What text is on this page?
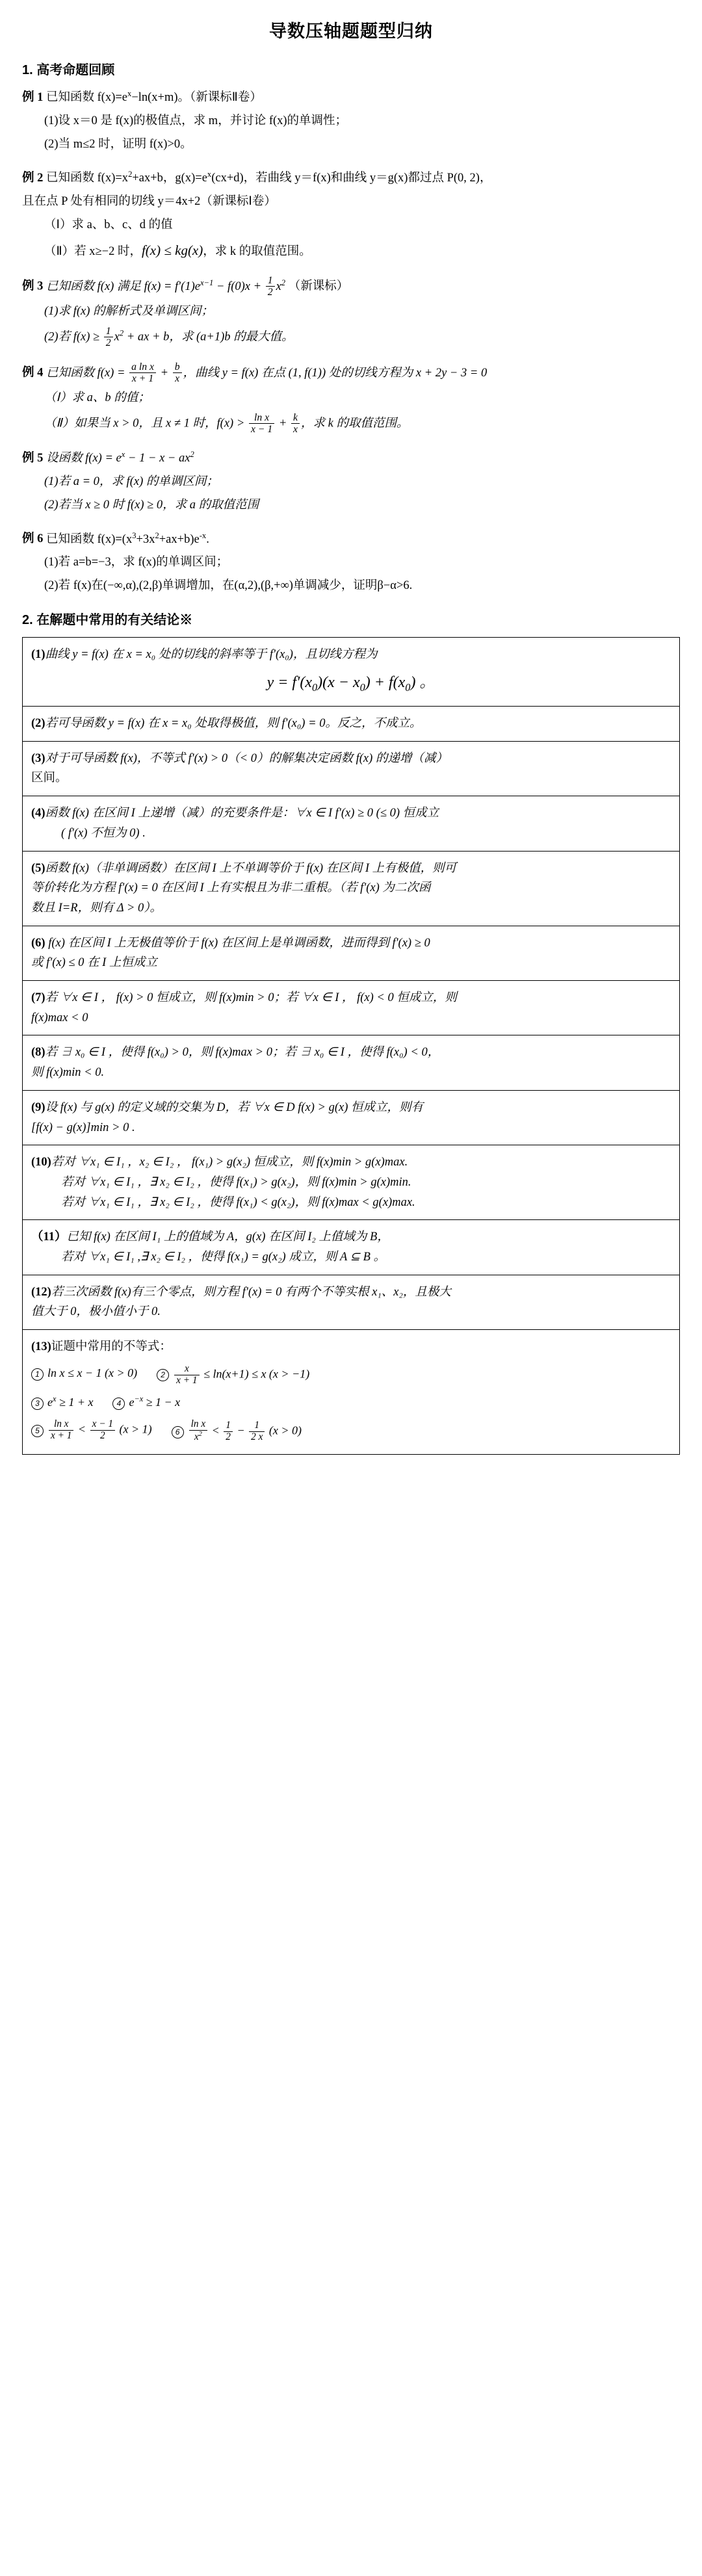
导数压轴题题型归纳
1. 高考命题回顾
例 1 已知函数 $f(x)=e^x-\ln(x+m)$。（新课标Ⅱ卷）
(1)设 x＝0 是 f(x)的极值点，求 m，并讨论 f(x)的单调性；
(2)当 m≤2 时，证明 f(x)>0。
例 2 已知函数 $f(x)=x^2+ax+b$，$g(x)=e^x(cx+d)$，若曲线 y＝f(x)和曲线 y＝g(x)都过点 P(0, 2)，
且在点 P 处有相同的切线 y＝4x+2（新课标Ⅰ卷）
（Ⅰ）求 a、b、c、d 的值
（Ⅱ）若 x≥−2 时，f(x) ≤ kg(x)，求 k 的取值范围。
例 3 已知函数 f(x) 满足 $f(x) = f'(1)e^{x-1} - f(0)x + \frac{1}{2} x^2$ （新课标）
(1)求 f(x) 的解析式及单调区间；
(2)若 $f(x) \ge \frac{1}{2} x^2$ + ax + b，求 (a+1)b 的最大值。
例 4 已知函数 $f(x) = \frac{\text{a ln x}}{x + 1} + \frac{b}{x}$ ，曲线 y = f(x) 在点 (1, f(1)) 处的切线方程为 x + 2y − 3 = 0
（Ⅰ）求 a、b 的值；
（Ⅱ）如果当 x > 0，且 x ≠ 1 时，$f(x) > \frac{\text{ln x}}{x - 1} + \frac{k}{x}$ ，求 k 的取值范围。
例 5 设函数 $f(x) = e^x - 1 - x - ax^2$
(1)若 a = 0，求 f(x) 的单调区间；
(2)若当 x ≥ 0 时 f(x) ≥ 0，求 a 的取值范围
例 6 已知函数 $f(x)=(x^3+3x^2+ax+b)e^{-x}$.
(1)若 a=b=−3，求 f(x)的单调区间；
(2)若 f(x)在(−∞,α),(2,β)单调增加，在(α,2),(β,+∞)单调减少，证明β−α>6.
2. 在解题中常用的有关结论※
(1)曲线 y = f(x) 在 x = x₀ 处的切线的斜率等于 f'(x₀)，且切线方程为
$y = f'(x_0)(x - x_0) + f(x_0)$ 。

(2)若可导函数 y = f(x) 在 x = x₀ 处取得极值，则 f'(x₀) = 0。反之，不成立。
(3)对于可导函数 f(x)，不等式 f'(x) > 0（< 0）的解集决定函数 f(x) 的递增（减）
区间。

(4)函数 f(x) 在区间 I 上递增（减）的充要条件是：∀x ∈ I f'(x) ≥ 0 (≤ 0) 恒成立
( f'(x) 不恒为 0) .

(5)函数 f(x)（非单调函数）在区间 I 上不单调等价于 f(x) 在区间 I 上有极值，则可
等价转化为方程 f'(x) = 0 在区间 I 上有实根且为非二重根。（若 f'(x) 为二次函
数且 I=R，则有 Δ > 0）。

(6) f(x) 在区间 I 上无极值等价于 f(x) 在区间上是单调函数，进而得到 f'(x) ≥ 0
或 f'(x) ≤ 0 在 I 上恒成立

(7)若 ∀x ∈ I ， f(x) > 0 恒成立，则 f(x)min > 0；若 ∀x ∈ I ， f(x) < 0 恒成立，则
f(x)max < 0

(8)若 ∃ x₀ ∈ I ，使得 f(x₀) > 0，则 f(x)max > 0；若 ∃ x₀ ∈ I ，使得 f(x₀) < 0，
则 f(x)min < 0.

(9)设 f(x) 与 g(x) 的定义域的交集为 D，若 ∀x ∈ D f(x) > g(x) 恒成立，则有
[f(x) − g(x)]min > 0 .

(10)若对 ∀x₁ ∈ I₁ ，x₂ ∈ I₂ ， f(x₁) > g(x₂) 恒成立，则 f(x)min > g(x)max.
若对 ∀x₁ ∈ I₁ ，∃ x₂ ∈ I₂ ，使得 f(x₁) > g(x₂)，则 f(x)min > g(x)min.
若对 ∀x₁ ∈ I₁ ，∃ x₂ ∈ I₂ ，使得 f(x₁) < g(x₂)，则 f(x)max < g(x)max.

（11）已知 f(x) 在区间 I₁ 上的值域为 A，g(x) 在区间 I₂ 上值域为 B，
若对 ∀x₁ ∈ I₁ ,∃ x₂ ∈ I₂ ，使得 f(x₁) = g(x₂) 成立，则 A ⊆ B 。

(12)若三次函数 f(x)有三个零点，则方程 f'(x) = 0 有两个不等实根 x₁、x₂，且极大
值大于 0，极小值小于 0.

(13)证题中常用的不等式：
1 ln x ≤ x − 1 (x > 0)	$2 \frac{x}{x + 1} \le \ln(x+1) \le x$ (x > −1)
3 $e^x \ge 1 + x$	4 $e^{-x} \ge 1 - x$
$5 \frac{\text{ln x}}{x + 1} < \frac{x - 1}{2} (x > 1)$	$6 \frac{\text{ln x}}{x^2} < \frac{1}{2} - \frac{1}{2 x} (x > 0)$
